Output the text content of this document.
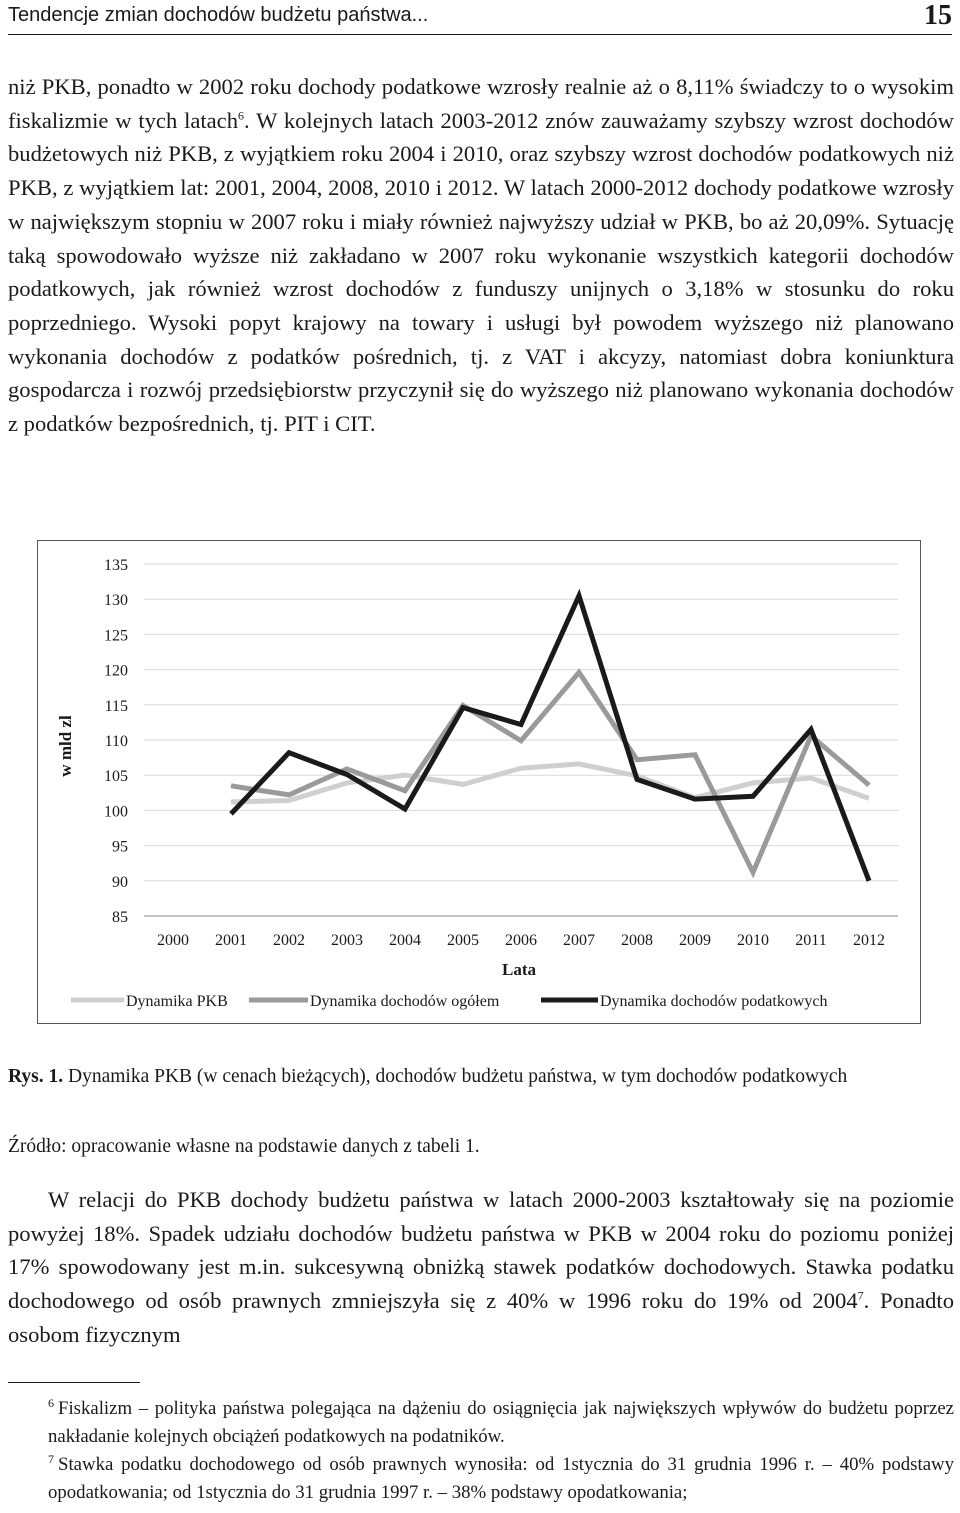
Tendencje zmian dochodów budżetu państwa...	15

niż PKB, ponadto w 2002 roku dochody podatkowe wzrosły realnie aż o 8,11% świadczy to o wysokim fiskalizmie w tych latach$^6$. W kolejnych latach 2003-2012 znów zauważamy szybszy wzrost dochodów budżetowych niż PKB, z wyjątkiem roku 2004 i 2010, oraz szybszy wzrost dochodów podatkowych niż PKB, z wyjątkiem lat: 2001, 2004, 2008, 2010 i 2012. W latach 2000-2012 dochody podatkowe wzrosły w największym stopniu w 2007 roku i miały również najwyższy udział w PKB, bo aż 20,09%. Sytuację taką spowodowało wyższe niż zakładano w 2007 roku wykonanie wszystkich kategorii dochodów podatkowych, jak również wzrost dochodów z funduszy unijnych o 3,18% w stosunku do roku poprzedniego. Wysoki popyt krajowy na towary i usługi był powodem wyższego niż planowano wykonania dochodów z podatków pośrednich, tj. z VAT i akcyzy, natomiast dobra koniunktura gospodarcza i rozwój przedsiębiorstw przyczynił się do wyższego niż planowano wykonania dochodów z podatków bezpośrednich, tj. PIT i CIT.

85
90
95
100
105
110
115
120
125
130
135
2000 2001 2002 2003 2004 2005 2006 2007 2008 2009 2010 2011 2012
w mld zl
Lata
Dynamika PKB	Dynamika dochodów ogółem	Dynamika dochodów podatkowych

Rys. 1. Dynamika PKB (w cenach bieżących), dochodów budżetu państwa, w tym dochodów podatkowych

Źródło: opracowanie własne na podstawie danych z tabeli 1.

W relacji do PKB dochody budżetu państwa w latach 2000-2003 kształtowały się na poziomie powyżej 18%. Spadek udziału dochodów budżetu państwa w PKB w 2004 roku do poziomu poniżej 17% spowodowany jest m.in. sukcesywną obniżką stawek podatków dochodowych. Stawka podatku dochodowego od osób prawnych zmniejszyła się z 40% w 1996 roku do 19% od 2004$^7$. Ponadto osobom fizycznym

$^6$ Fiskalizm – polityka państwa polegająca na dążeniu do osiągnięcia jak największych wpływów do budżetu poprzez nakładanie kolejnych obciążeń podatkowych na podatników.

$^7$ Stawka podatku dochodowego od osób prawnych wynosiła: od 1stycznia do 31 grudnia 1996 r. – 40% podstawy opodatkowania; od 1stycznia do 31 grudnia 1997 r. – 38% podstawy opodatkowania;
